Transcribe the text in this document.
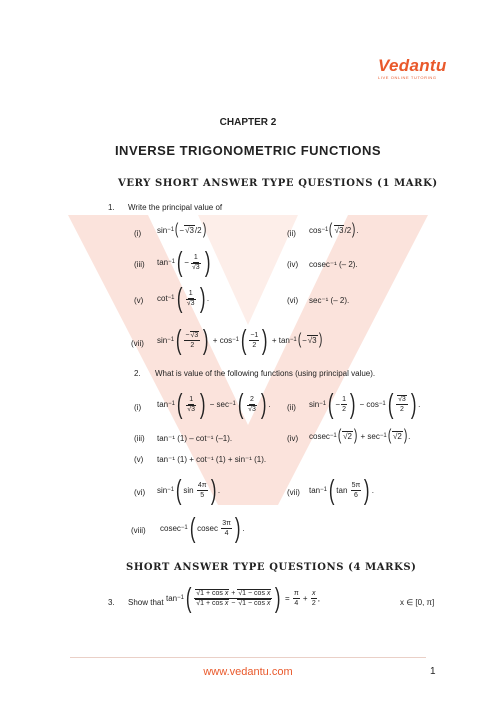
Vedantu
LIVE ONLINE TUTORING
CHAPTER 2
INVERSE TRIGONOMETRIC FUNCTIONS
VERY SHORT ANSWER TYPE QUESTIONS (1 MARK)
1. Write the principal value of
(i) sin −1 ( − √3 /2 )	(ii) cos −1 ( √3 /2 ) .
(iii) tan −1 ( − $\frac{1}{√3}$ )	(iv) cosec⁻¹ (– 2).
(v) cot −1 ( $\frac{1}{√3}$ ) .	(vi) sec⁻¹ (– 2).
(vii) sin −1 ( $\frac{-√3}{2}$ ) + cos −1 ( $\frac{-1}{2}$ ) + tan −1 ( − √3 )
2. What is value of the following functions (using principal value).
(i) tan −1 ( $\frac{1}{√3}$ ) − sec −1 ( $\frac{2}{√3}$ ) . (ii) sin −1 ( − $\frac{1}{2}$ ) − cos −1 ( $\frac{√3}{2}$ ) .
(iii) tan⁻¹ (1) – cot⁻¹ (–1).	(iv) cosec −1 ( √2 ) + sec −1 ( √2 ) .
(v) tan⁻¹ (1) + cot⁻¹ (1) + sin⁻¹ (1).
(vi) sin −1 ( $\sin \frac{4\pi}{5}$ ) .	(vii) tan −1 ( $\tan \frac{5\pi}{6}$ ) .
(viii) cosec −1 ( cosec $\frac{3\pi}{4}$ ) .
SHORT ANSWER TYPE QUESTIONS (4 MARKS)
3. Show that tan −1 ( $\frac{\text{√1 + cos x + √1 − cos x}}{\text{√1 + cos x − √1 − cos x}}$ ) = $\frac{\pi}{4} + \frac{x}{2}$ ,	x ∈ [0, π]
www.vedantu.com	1
